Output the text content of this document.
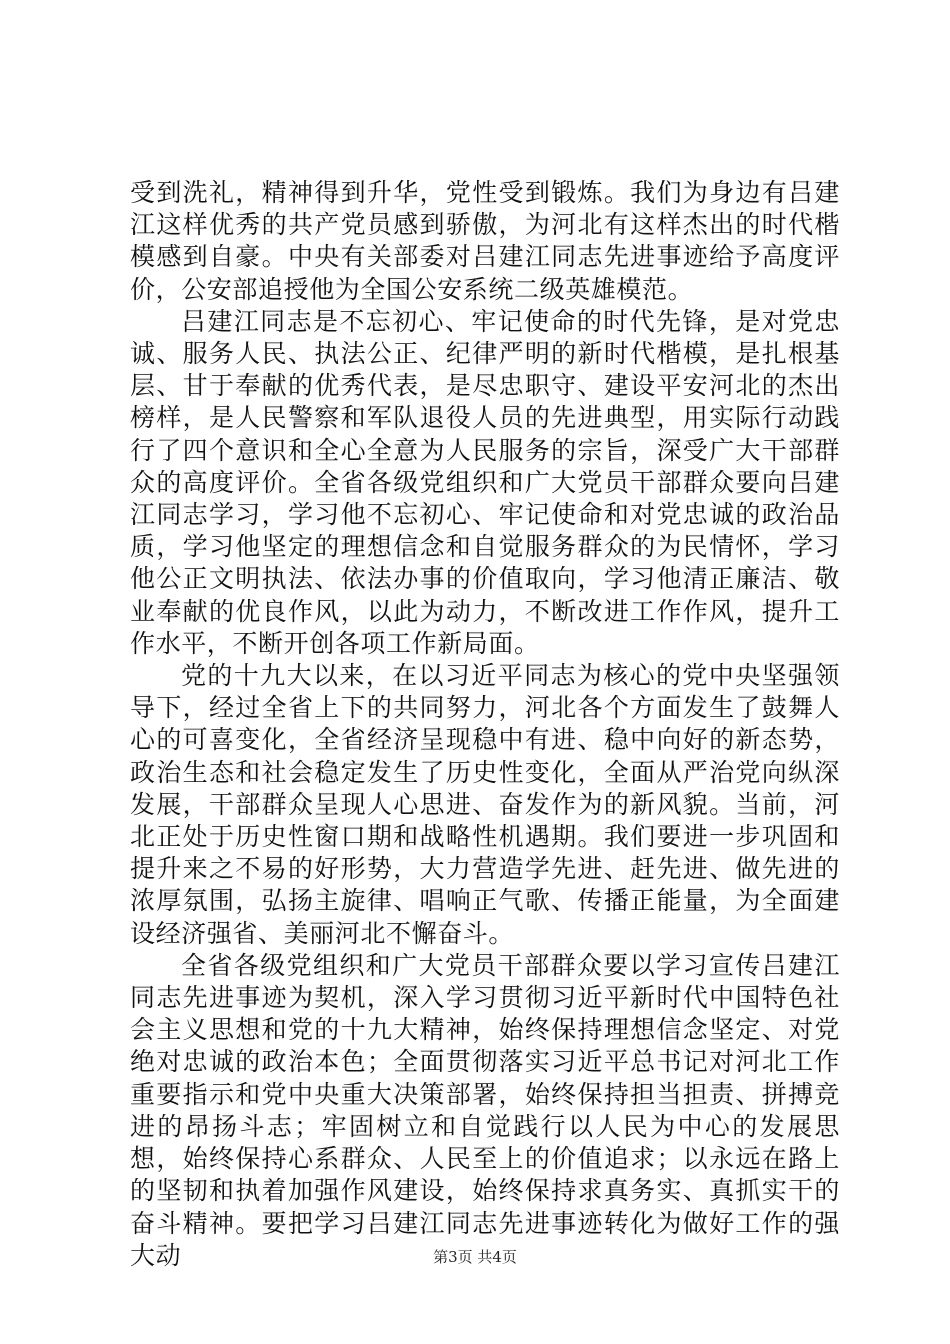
受到洗礼，精神得到升华，党性受到锻炼。我们为身边有吕建江这样优秀的共产党员感到骄傲，为河北有这样杰出的时代楷模感到自豪。中央有关部委对吕建江同志先进事迹给予高度评价，公安部追授他为全国公安系统二级英雄模范。

吕建江同志是不忘初心、牢记使命的时代先锋，是对党忠诚、服务人民、执法公正、纪律严明的新时代楷模，是扎根基层、甘于奉献的优秀代表，是尽忠职守、建设平安河北的杰出榜样，是人民警察和军队退役人员的先进典型，用实际行动践行了四个意识和全心全意为人民服务的宗旨，深受广大干部群众的高度评价。全省各级党组织和广大党员干部群众要向吕建江同志学习，学习他不忘初心、牢记使命和对党忠诚的政治品质，学习他坚定的理想信念和自觉服务群众的为民情怀，学习他公正文明执法、依法办事的价值取向，学习他清正廉洁、敬业奉献的优良作风，以此为动力，不断改进工作作风，提升工作水平，不断开创各项工作新局面。

党的十九大以来，在以习近平同志为核心的党中央坚强领导下，经过全省上下的共同努力，河北各个方面发生了鼓舞人心的可喜变化，全省经济呈现稳中有进、稳中向好的新态势，政治生态和社会稳定发生了历史性变化，全面从严治党向纵深发展，干部群众呈现人心思进、奋发作为的新风貌。当前，河北正处于历史性窗口期和战略性机遇期。我们要进一步巩固和提升来之不易的好形势，大力营造学先进、赶先进、做先进的浓厚氛围，弘扬主旋律、唱响正气歌、传播正能量，为全面建设经济强省、美丽河北不懈奋斗。

全省各级党组织和广大党员干部群众要以学习宣传吕建江同志先进事迹为契机，深入学习贯彻习近平新时代中国特色社会主义思想和党的十九大精神，始终保持理想信念坚定、对党绝对忠诚的政治本色；全面贯彻落实习近平总书记对河北工作重要指示和党中央重大决策部署，始终保持担当担责、拼搏竞进的昂扬斗志；牢固树立和自觉践行以人民为中心的发展思想，始终保持心系群众、人民至上的价值追求；以永远在路上的坚韧和执着加强作风建设，始终保持求真务实、真抓实干的奋斗精神。要把学习吕建江同志先进事迹转化为做好工作的强大动	第3页 共4页
